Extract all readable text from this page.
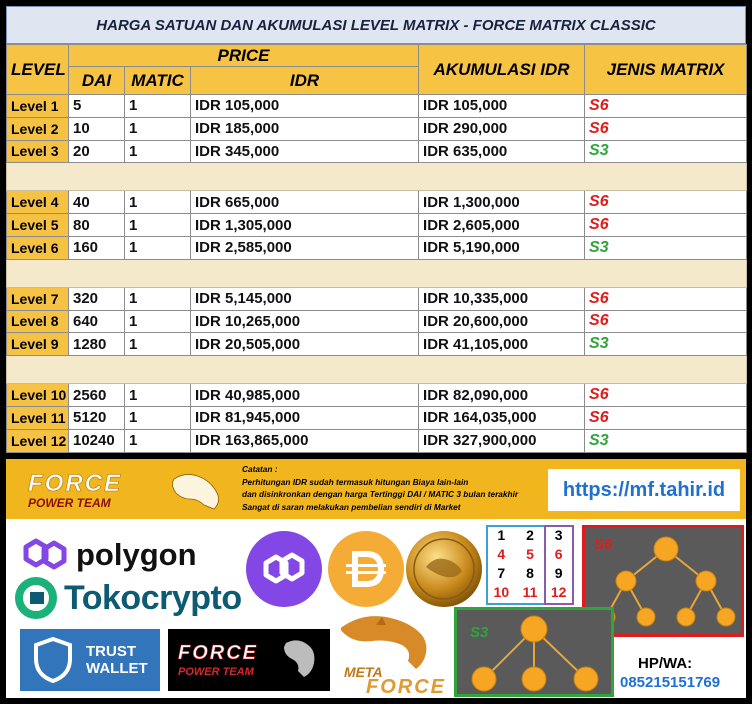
HARGA SATUAN DAN AKUMULASI LEVEL MATRIX - FORCE MATRIX CLASSIC
LEVEL	PRICE			AKUMULASI IDR	JENIS MATRIX
	DAI	MATIC	IDR		
Level 1	5	1	IDR 105,000	IDR 105,000	S6
Level 2	10	1	IDR 185,000	IDR 290,000	S6
Level 3	20	1	IDR 345,000	IDR 635,000	S3

Level 4	40	1	IDR 665,000	IDR 1,300,000	S6
Level 5	80	1	IDR 1,305,000	IDR 2,605,000	S6
Level 6	160	1	IDR 2,585,000	IDR 5,190,000	S3

Level 7	320	1	IDR 5,145,000	IDR 10,335,000	S6
Level 8	640	1	IDR 10,265,000	IDR 20,600,000	S6
Level 9	1280	1	IDR 20,505,000	IDR 41,105,000	S3

Level 10	2560	1	IDR 40,985,000	IDR 82,090,000	S6
Level 11	5120	1	IDR 81,945,000	IDR 164,035,000	S6
Level 12	10240	1	IDR 163,865,000	IDR 327,900,000	S3
FORCE
POWER TEAM
Catatan :
Perhitungan IDR sudah termasuk hitungan Biaya lain-lain
dan disinkronkan dengan harga Tertinggi DAI / MATIC 3 bulan terakhir
Sangat di saran melakukan pembelian sendiri di Market
https://mf.tahir.id
polygon
Tokocrypto
TRUST
WALLET
FORCE
POWER TEAM	META
FORCE
1	2	3
4	5	6
7	8	9
10 11 12
S6
S3
HP/WA:
085215151769
